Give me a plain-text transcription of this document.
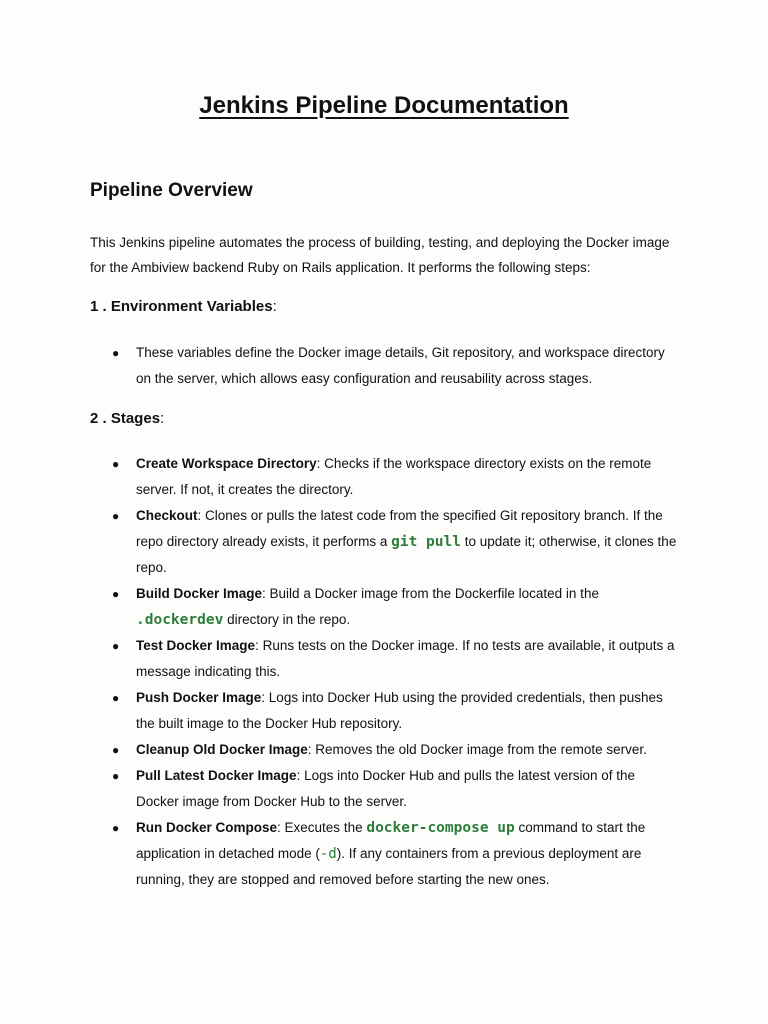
Jenkins Pipeline Documentation
Pipeline Overview

This Jenkins pipeline automates the process of building, testing, and deploying the Docker image for the Ambiview backend Ruby on Rails application. It performs the following steps:

1 . Environment Variables:

● These variables define the Docker image details, Git repository, and workspace directory on the server, which allows easy configuration and reusability across stages.

2 . Stages:

● Create Workspace Directory: Checks if the workspace directory exists on the remote server. If not, it creates the directory.
● Checkout: Clones or pulls the latest code from the specified Git repository branch. If the repo directory already exists, it performs a git pull to update it; otherwise, it clones the repo.
● Build Docker Image: Build a Docker image from the Dockerfile located in the .dockerdev directory in the repo.
● Test Docker Image: Runs tests on the Docker image. If no tests are available, it outputs a message indicating this.
● Push Docker Image: Logs into Docker Hub using the provided credentials, then pushes the built image to the Docker Hub repository.
● Cleanup Old Docker Image: Removes the old Docker image from the remote server.
● Pull Latest Docker Image: Logs into Docker Hub and pulls the latest version of the Docker image from Docker Hub to the server.
● Run Docker Compose: Executes the docker-compose up command to start the application in detached mode (-d). If any containers from a previous deployment are running, they are stopped and removed before starting the new ones.
